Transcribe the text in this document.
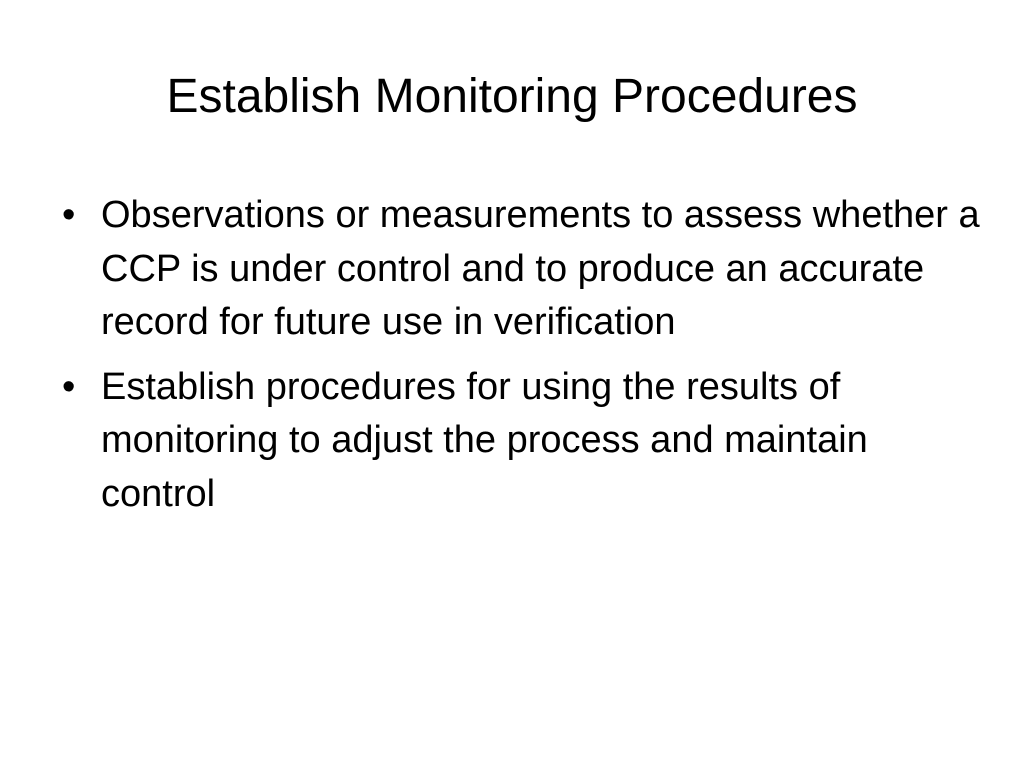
Establish Monitoring Procedures
• Observations or measurements to assess whether a CCP is under control and to produce an accurate record for future use in verification
• Establish procedures for using the results of monitoring to adjust the process and maintain control
